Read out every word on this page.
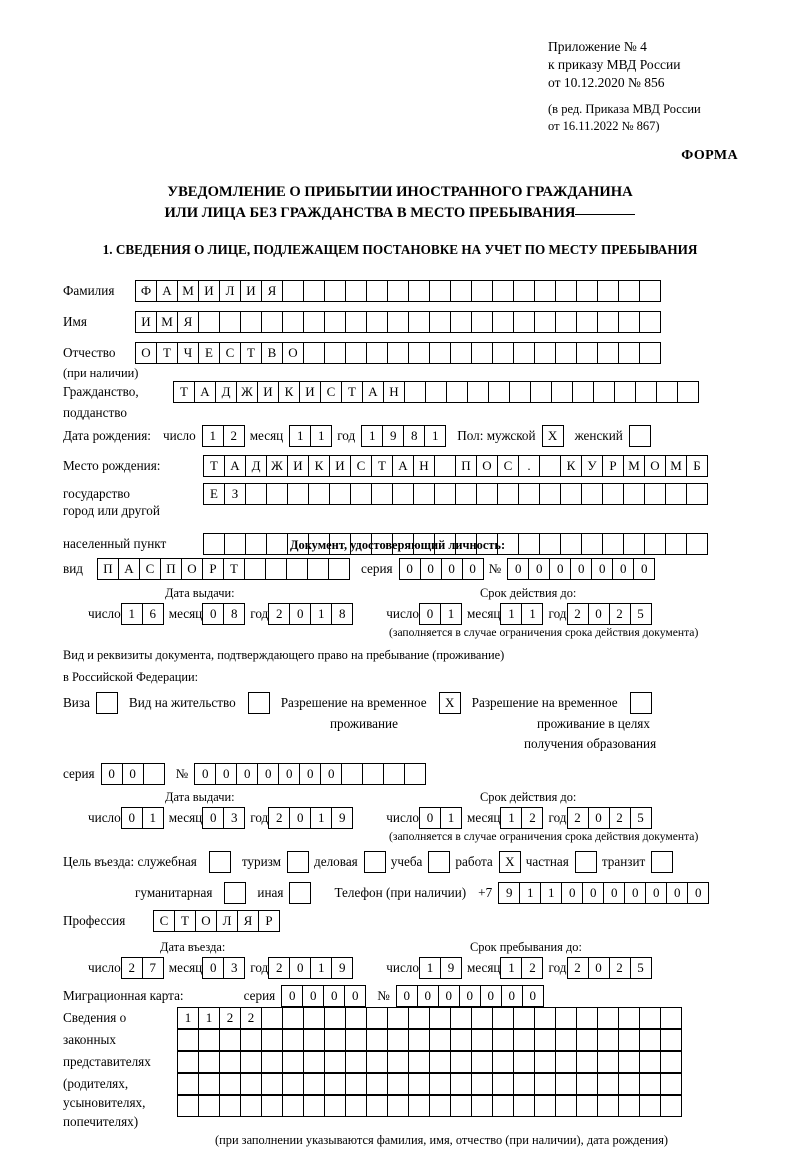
Приложение № 4
к приказу МВД России
от 10.12.2020 № 856
(в ред. Приказа МВД России
от 16.11.2022 № 867)
ФОРМА
УВЕДОМЛЕНИЕ О ПРИБЫТИИ ИНОСТРАННОГО ГРАЖДАНИНА
ИЛИ ЛИЦА БЕЗ ГРАЖДАНСТВА В МЕСТО ПРЕБЫВАНИЯ
1. СВЕДЕНИЯ О ЛИЦЕ, ПОДЛЕЖАЩЕМ ПОСТАНОВКЕ НА УЧЕТ ПО МЕСТУ ПРЕБЫВАНИЯ
Фамилия	Ф А М И Л И Я
Имя	И М Я
Отчество	О Т Ч Е С Т В О
(при наличии)
Гражданство,	Т А Д Ж И К И С Т А Н
подданство
Дата рождения: число	1	2 месяц	1	1 год	1	9	8	1	Пол: мужской X	женский
Место рождения:	Т А Д Ж И К И С Т А Н	П О С	.	К У Р М О М Б
государство	Е	З
город или другой
населенный пункт	Документ, удостоверяющий личность:
вид	П А С П О Р	Т	серия	0	0	0	0 №	0	0	0	0	0	0	0
Дата выдачи:	Срок действия до:
число 1	6 месяц 0	8 год 2	0	1	8	число 0	1 месяц 1	1 год 2	0	2	5
(заполняется в случае ограничения срока действия документа)
Вид и реквизиты документа, подтверждающего право на пребывание (проживание)
в Российской Федерации:
Виза	Вид на жительство	Разрешение на временное	X	Разрешение на временное
проживание	проживание в целях
получения образования
серия	0	0	№	0	0	0	0	0	0	0
Дата выдачи:	Срок действия до:
число 0	1 месяц 0	3 год 2	0	1	9	число 0	1 месяц 1	2 год 2	0	2	5
(заполняется в случае ограничения срока действия документа)
Цель въезда: служебная	туризм	деловая	учеба	работа X частная	транзит
гуманитарная	иная	Телефон (при наличии) +7	9	1	1	0	0	0	0	0	0	0
Профессия	С Т О Л Я	Р
Дата въезда:	Срок пребывания до:
число 2	7 месяц 0	3 год 2	0	1	9	число 1	9 месяц 1	2 год 2	0	2	5
Миграционная карта:	серия	0	0	0	0	№	0	0	0	0	0	0	0
Сведения о
законных
представителях
(родителях,
усыновителях,
попечителях)
1	1	2	2
(при заполнении указываются фамилия, имя, отчество (при наличии), дата рождения)
